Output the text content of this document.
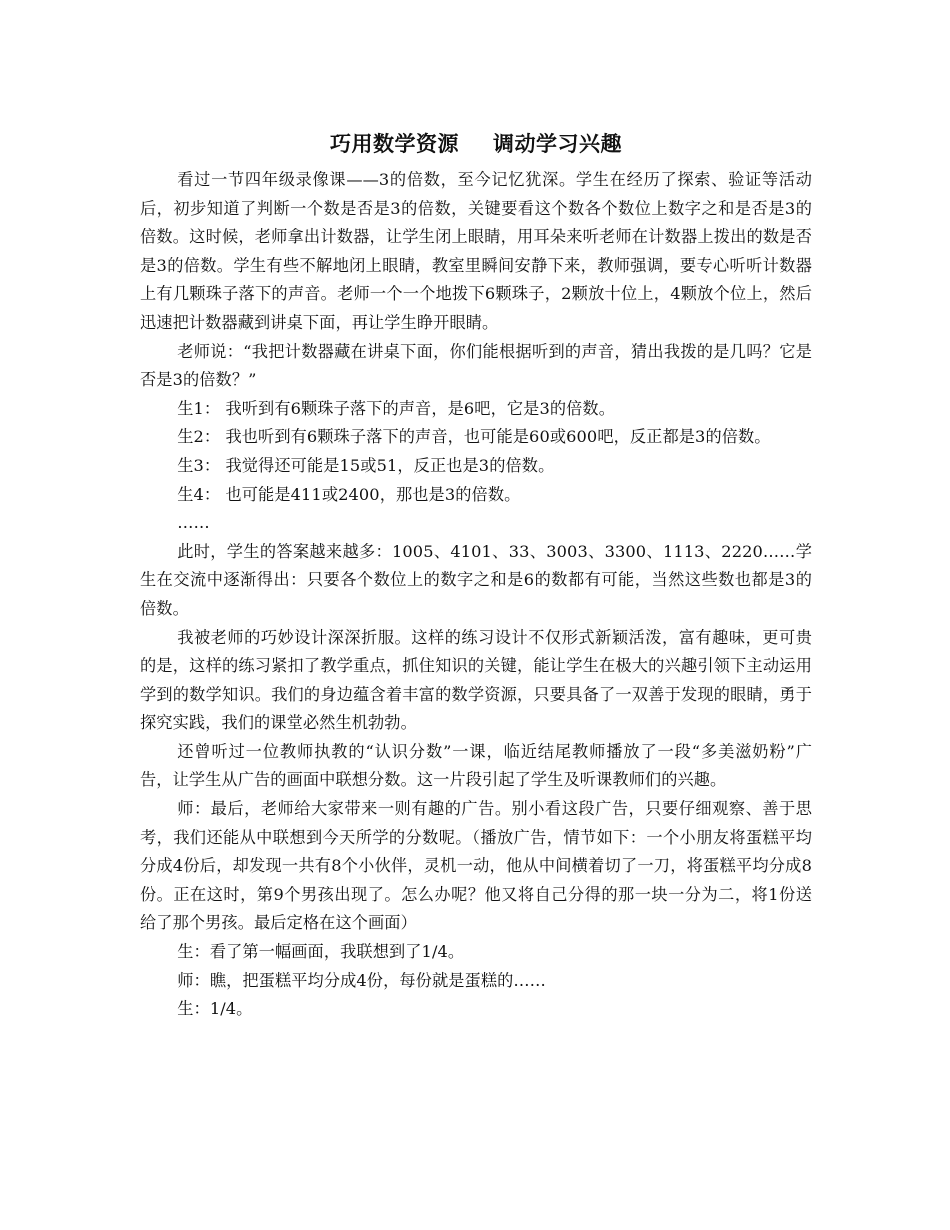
巧用数学资源 调动学习兴趣

看过一节四年级录像课——3的倍数，至今记忆犹深。学生在经历了探索、验证等活动后，初步知道了判断一个数是否是3的倍数，关键要看这个数各个数位上数字之和是否是3的倍数。这时候，老师拿出计数器，让学生闭上眼睛，用耳朵来听老师在计数器上拨出的数是否是3的倍数。学生有些不解地闭上眼睛，教室里瞬间安静下来，教师强调，要专心听听计数器上有几颗珠子落下的声音。老师一个一个地拨下6颗珠子，2颗放十位上，4颗放个位上，然后迅速把计数器藏到讲桌下面，再让学生睁开眼睛。

老师说：“我把计数器藏在讲桌下面，你们能根据听到的声音，猜出我拨的是几吗？它是否是3的倍数？”

生1： 我听到有6颗珠子落下的声音，是6吧，它是3的倍数。

生2： 我也听到有6颗珠子落下的声音，也可能是60或600吧，反正都是3的倍数。

生3： 我觉得还可能是15或51，反正也是3的倍数。

生4： 也可能是411或2400，那也是3的倍数。

……

此时，学生的答案越来越多：1005、4101、33、3003、3300、1113、2220……学生在交流中逐渐得出：只要各个数位上的数字之和是6的数都有可能，当然这些数也都是3的倍数。

我被老师的巧妙设计深深折服。这样的练习设计不仅形式新颖活泼，富有趣味，更可贵的是，这样的练习紧扣了教学重点，抓住知识的关键，能让学生在极大的兴趣引领下主动运用学到的数学知识。我们的身边蕴含着丰富的数学资源，只要具备了一双善于发现的眼睛，勇于探究实践，我们的课堂必然生机勃勃。

还曾听过一位教师执教的“认识分数”一课，临近结尾教师播放了一段“多美滋奶粉”广告，让学生从广告的画面中联想分数。这一片段引起了学生及听课教师们的兴趣。

师：最后，老师给大家带来一则有趣的广告。别小看这段广告，只要仔细观察、善于思考，我们还能从中联想到今天所学的分数呢。（播放广告，情节如下：一个小朋友将蛋糕平均分成4份后，却发现一共有8个小伙伴，灵机一动，他从中间横着切了一刀，将蛋糕平均分成8份。正在这时，第9个男孩出现了。怎么办呢？他又将自己分得的那一块一分为二，将1份送给了那个男孩。最后定格在这个画面）

生：看了第一幅画面，我联想到了1/4。

师：瞧，把蛋糕平均分成4份，每份就是蛋糕的……

生：1/4。
